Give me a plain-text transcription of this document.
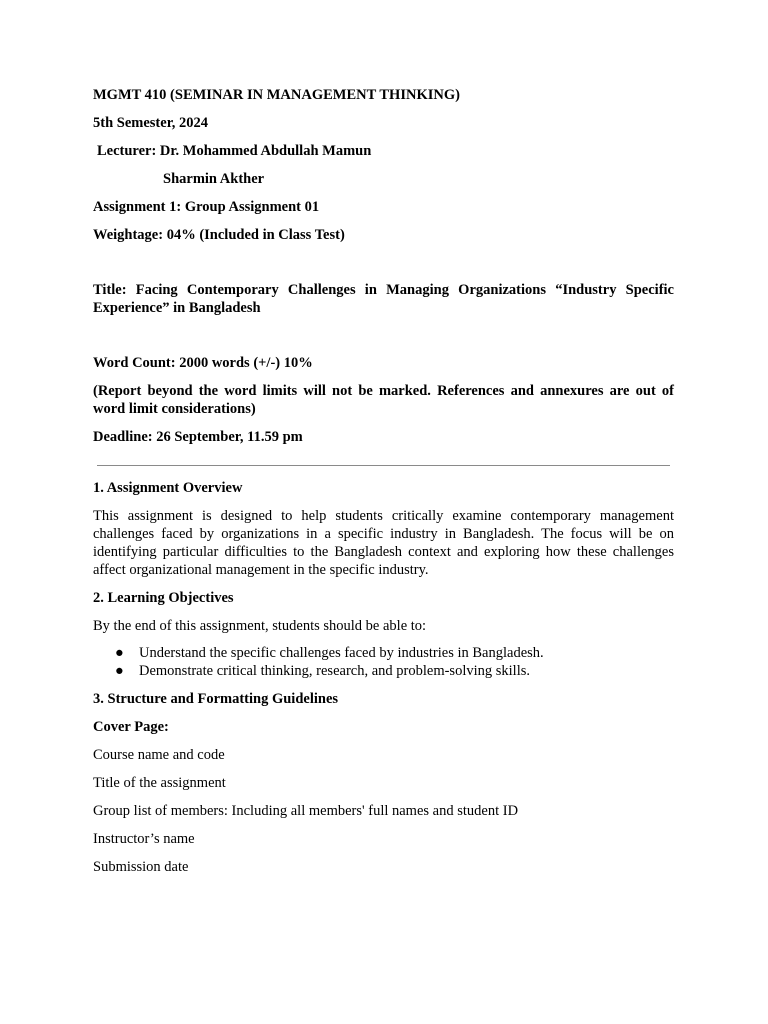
MGMT 410 (SEMINAR IN MANAGEMENT THINKING)

5th Semester, 2024

Lecturer: Dr. Mohammed Abdullah Mamun

Sharmin Akther

Assignment 1: Group Assignment 01

Weightage: 04% (Included in Class Test)

Title: Facing Contemporary Challenges in Managing Organizations “Industry Specific Experience” in Bangladesh

Word Count: 2000 words (+/-) 10%

(Report beyond the word limits will not be marked. References and annexures are out of word limit considerations)

Deadline: 26 September, 11.59 pm

1. Assignment Overview

This assignment is designed to help students critically examine contemporary management challenges faced by organizations in a specific industry in Bangladesh. The focus will be on identifying particular difficulties to the Bangladesh context and exploring how these challenges affect organizational management in the specific industry.

2. Learning Objectives

By the end of this assignment, students should be able to:

● Understand the specific challenges faced by industries in Bangladesh.
● Demonstrate critical thinking, research, and problem-solving skills.

3. Structure and Formatting Guidelines

Cover Page:

Course name and code

Title of the assignment

Group list of members: Including all members' full names and student ID

Instructor’s name

Submission date
